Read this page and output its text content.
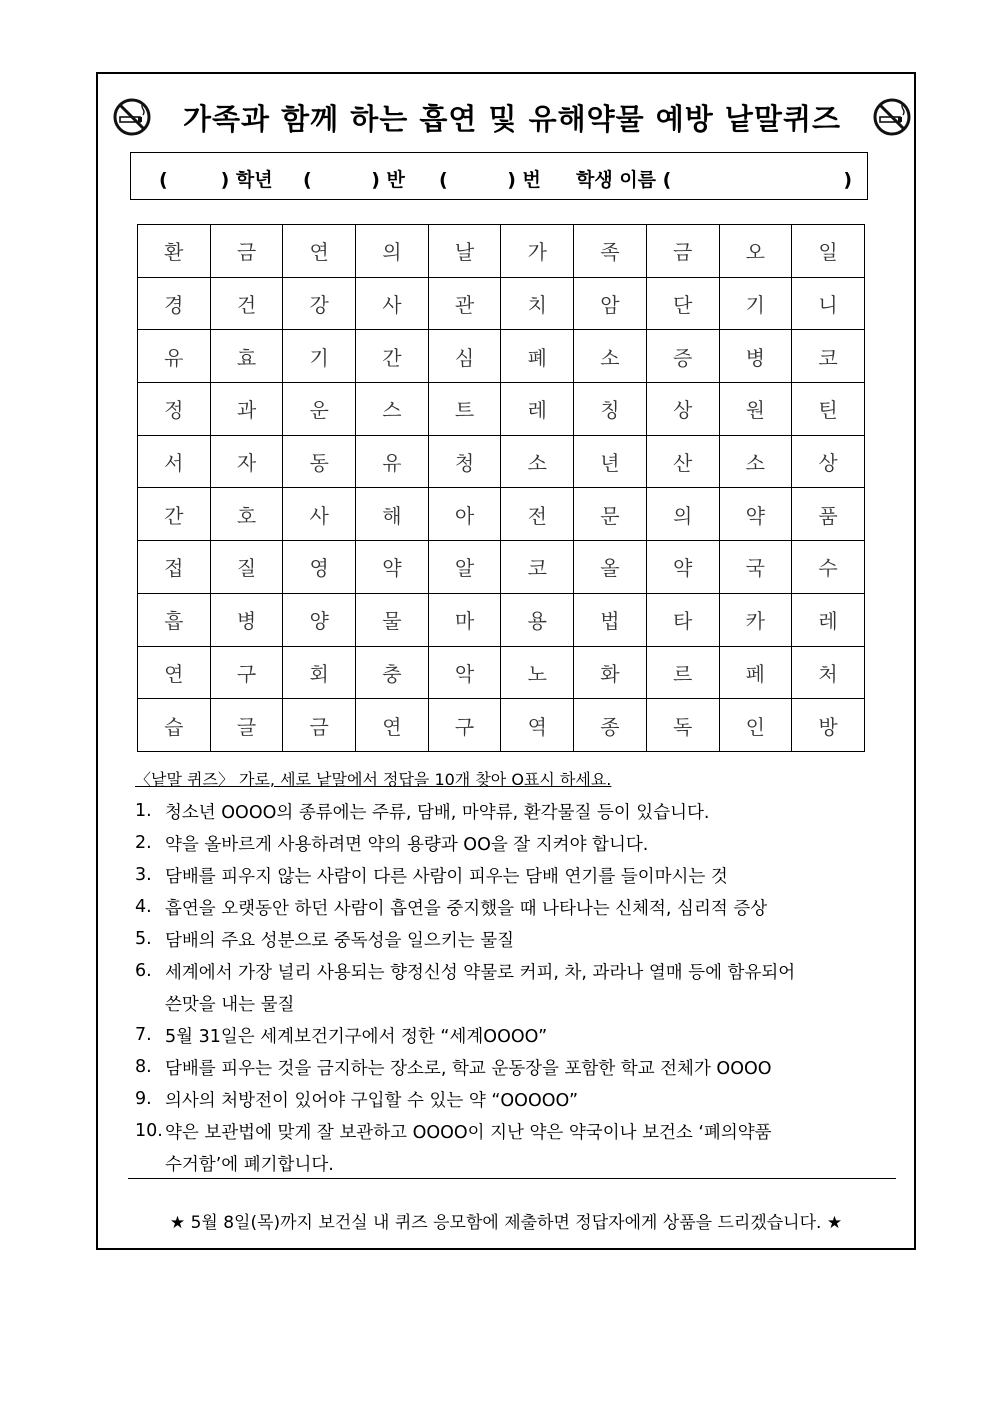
가족과 함께 하는 흡연 및 유해약물 예방 낱말퀴즈
(        ) 학년 (         ) 반 (         ) 번 학생 이름 (                          )
환	금	연	의	날	가	족	금	오	일
경	건	강	사	관	치	암	단	기	니
유	효	기	간	심	폐	소	증	병	코
정	과	운	스	트	레	칭	상	원	틴
서	자	동	유	청	소	년	산	소	상
간	호	사	해	아	전	문	의	약	품
접	질	영	약	알	코	올	약	국	수
흡	병	양	물	마	용	법	타	카	레
연	구	회	충	악	노	화	르	페	처
습	글	금	연	구	역	종	독	인	방
〈낱말 퀴즈〉 가로, 세로 낱말에서 정답을 10개 찾아 O표시 하세요.
1. 청소년 OOOO의 종류에는 주류, 담배, 마약류, 환각물질 등이 있습니다.
2. 약을 올바르게 사용하려면 약의 용량과 OO을 잘 지켜야 합니다.
3. 담배를 피우지 않는 사람이 다른 사람이 피우는 담배 연기를 들이마시는 것
4. 흡연을 오랫동안 하던 사람이 흡연을 중지했을 때 나타나는 신체적, 심리적 증상
5. 담배의 주요 성분으로 중독성을 일으키는 물질
6. 세계에서 가장 널리 사용되는 향정신성 약물로 커피, 차, 과라나 열매 등에 함유되어
쓴맛을 내는 물질
7. 5월 31일은 세계보건기구에서 정한 “세계OOOO”
8. 담배를 피우는 것을 금지하는 장소로, 학교 운동장을 포함한 학교 전체가 OOOO
9. 의사의 처방전이 있어야 구입할 수 있는 약 “OOOOO”
10. 약은 보관법에 맞게 잘 보관하고 OOOO이 지난 약은 약국이나 보건소 ‘폐의약품
수거함’에 폐기합니다.
★ 5월 8일(목)까지 보건실 내 퀴즈 응모함에 제출하면 정답자에게 상품을 드리겠습니다. ★
